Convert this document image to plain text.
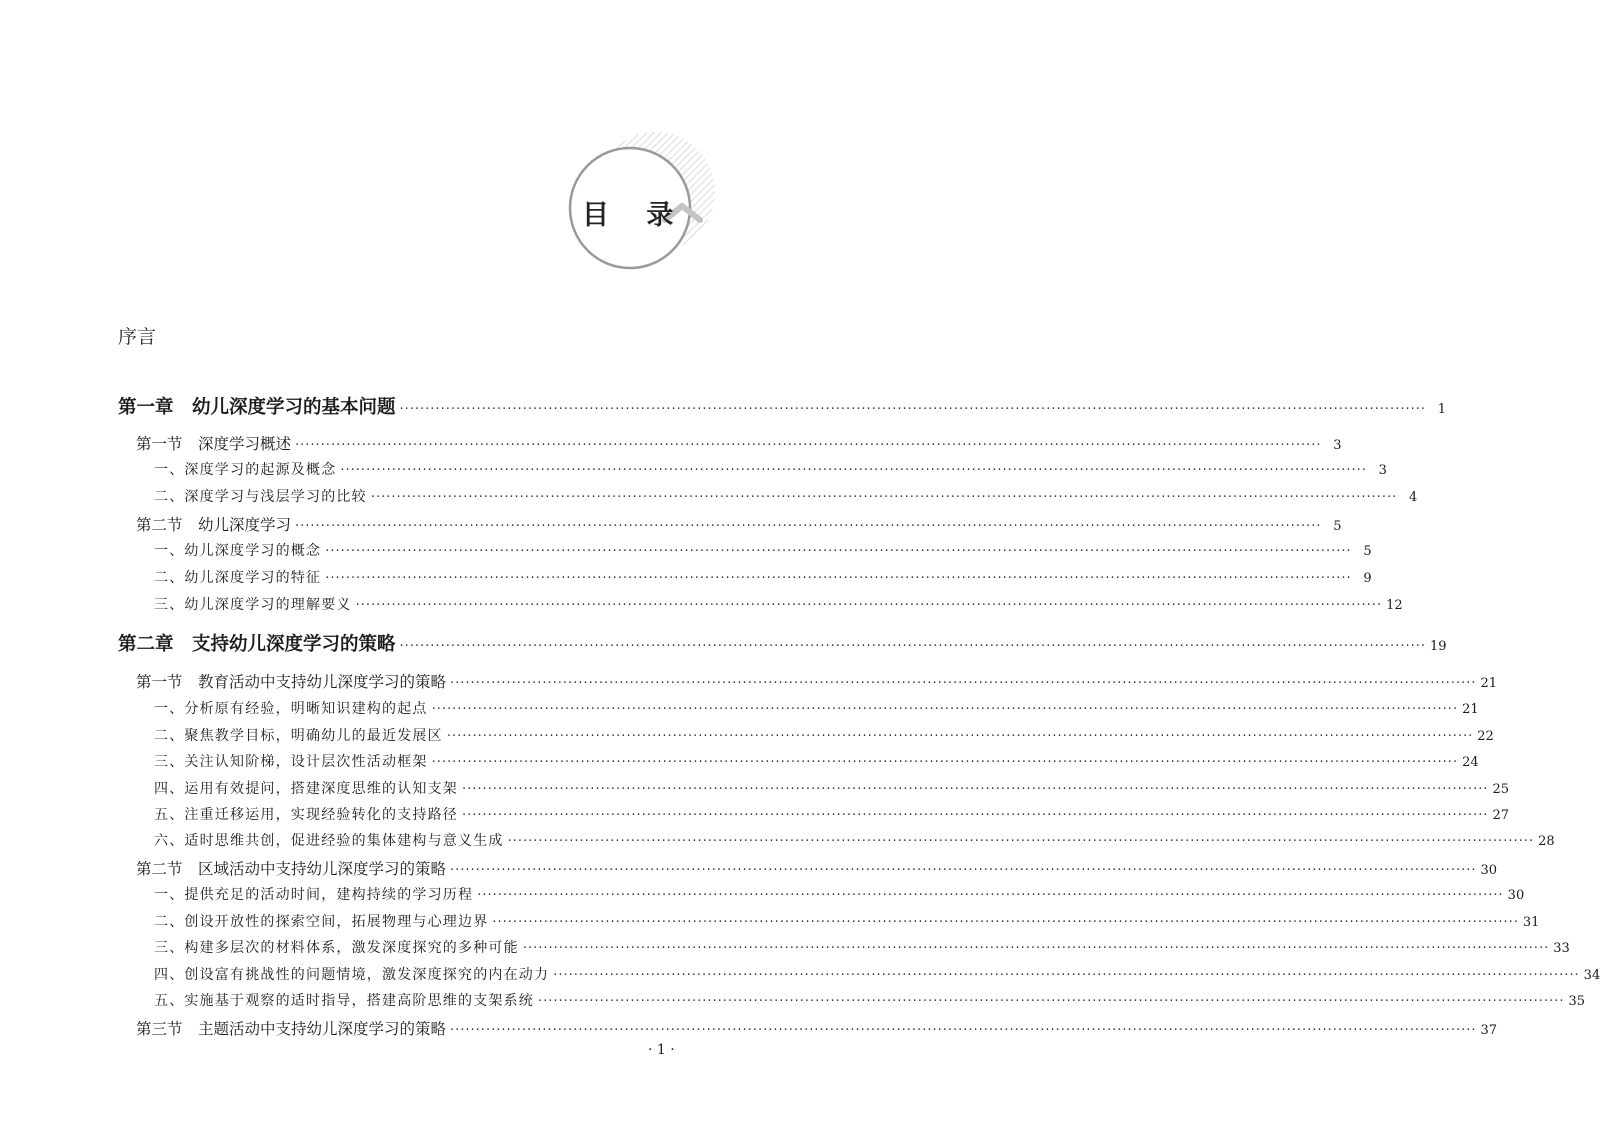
目 录
序言
第一章　幼儿深度学习的基本问题 ········································································································································································································ 1
第一节　深度学习概述 ········································································································································································································ 3
一、深度学习的起源及概念 ········································································································································································································ 3
二、深度学习与浅层学习的比较 ········································································································································································································ 4
第二节　幼儿深度学习 ········································································································································································································ 5
一、幼儿深度学习的概念 ········································································································································································································ 5
二、幼儿深度学习的特征 ········································································································································································································ 9
三、幼儿深度学习的理解要义 ········································································································································································································ 12
第二章　支持幼儿深度学习的策略 ········································································································································································································ 19
第一节　教育活动中支持幼儿深度学习的策略 ········································································································································································································ 21
一、分析原有经验，明晰知识建构的起点 ········································································································································································································ 21
二、聚焦教学目标，明确幼儿的最近发展区 ········································································································································································································ 22
三、关注认知阶梯，设计层次性活动框架 ········································································································································································································ 24
四、运用有效提问，搭建深度思维的认知支架 ········································································································································································································ 25
五、注重迁移运用，实现经验转化的支持路径 ········································································································································································································ 27
六、适时思维共创，促进经验的集体建构与意义生成 ········································································································································································································ 28
第二节　区域活动中支持幼儿深度学习的策略 ········································································································································································································ 30
一、提供充足的活动时间，建构持续的学习历程 ········································································································································································································ 30
二、创设开放性的探索空间，拓展物理与心理边界 ········································································································································································································ 31
三、构建多层次的材料体系，激发深度探究的多种可能 ········································································································································································································ 33
四、创设富有挑战性的问题情境，激发深度探究的内在动力 ········································································································································································································ 34
五、实施基于观察的适时指导，搭建高阶思维的支架系统 ········································································································································································································ 35
第三节　主题活动中支持幼儿深度学习的策略 ········································································································································································································ 37
· 1 ·
